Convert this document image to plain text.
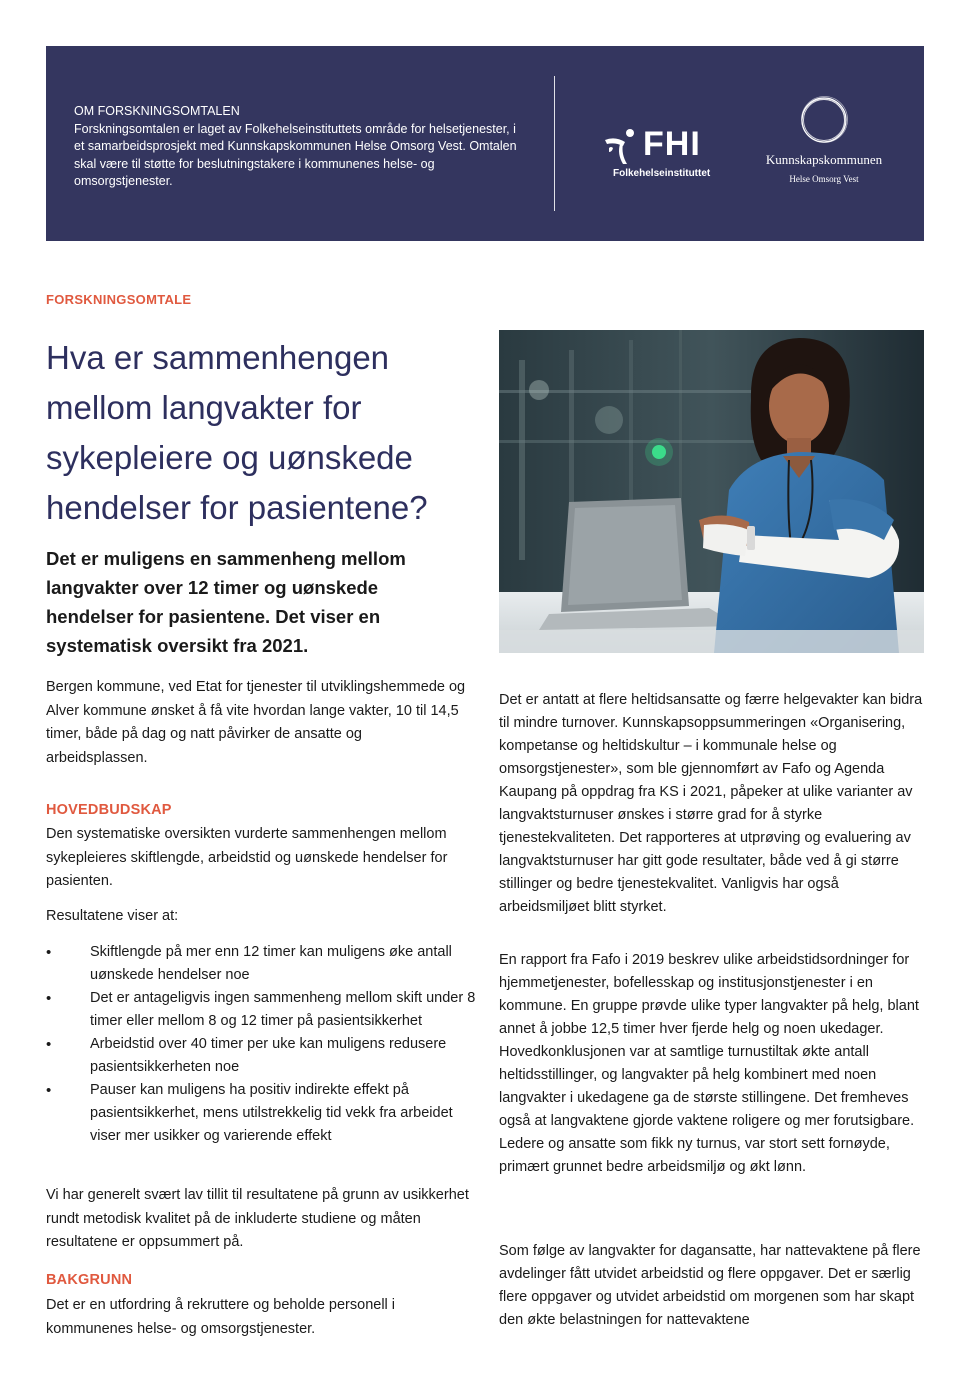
OM FORSKNINGSOMTALEN
Forskningsomtalen er laget av Folkehelseinstituttets område for helsetjenester, i et samarbeidsprosjekt med Kunnskapskommunen Helse Omsorg Vest. Omtalen skal være til støtte for beslutningstakere i kommunenes helse- og omsorgstjenester.
FHI
Folkehelseinstituttet
Kunnskapskommunen
Helse Omsorg Vest
FORSKNINGSOMTALE
Hva er sammenhengen mellom langvakter for sykepleiere og uønskede hendelser for pasientene?

Det er muligens en sammenheng mellom langvakter over 12 timer og uønskede hendelser for pasientene. Det viser en systematisk oversikt fra 2021.

Bergen kommune, ved Etat for tjenester til utviklingshemmede og Alver kommune ønsket å få vite hvordan lange vakter, 10 til 14,5 timer, både på dag og natt påvirker de ansatte og arbeidsplassen.

HOVEDBUDSKAP

Den systematiske oversikten vurderte sammenhengen mellom sykepleieres skiftlengde, arbeidstid og uønskede hendelser for pasienten.

Resultatene viser at:

• Skiftlengde på mer enn 12 timer kan muligens øke antall uønskede hendelser noe
• Det er antageligvis ingen sammenheng mellom skift under 8 timer eller mellom 8 og 12 timer på pasientsikkerhet
• Arbeidstid over 40 timer per uke kan muligens redusere pasientsikkerheten noe
• Pauser kan muligens ha positiv indirekte effekt på pasientsikkerhet, mens utilstrekkelig tid vekk fra arbeidet viser mer usikker og varierende effekt

Vi har generelt svært lav tillit til resultatene på grunn av usikkerhet rundt metodisk kvalitet på de inkluderte studiene og måten resultatene er oppsummert på.

BAKGRUNN

Det er en utfordring å rekruttere og beholde personell i kommunenes helse- og omsorgstjenester.

Det er antatt at flere heltidsansatte og færre helgevakter kan bidra til mindre turnover. Kunnskapsoppsummeringen «Organisering, kompetanse og heltidskultur – i kommunale helse og omsorgstjenester», som ble gjennomført av Fafo og Agenda Kaupang på oppdrag fra KS i 2021, påpeker at ulike varianter av langvaktsturnuser ønskes i større grad for å styrke tjenestekvaliteten. Det rapporteres at utprøving og evaluering av langvaktsturnuser har gitt gode resultater, både ved å gi større stillinger og bedre tjenestekvalitet. Vanligvis har også arbeidsmiljøet blitt styrket.

En rapport fra Fafo i 2019 beskrev ulike arbeidstidsordninger for hjemmetjenester, bofellesskap og institusjonstjenester i en kommune. En gruppe prøvde ulike typer langvakter på helg, blant annet å jobbe 12,5 timer hver fjerde helg og noen ukedager. Hovedkonklusjonen var at samtlige turnustiltak økte antall heltidsstillinger, og langvakter på helg kombinert med noen langvakter i ukedagene ga de største stillingene. Det fremheves også at langvaktene gjorde vaktene roligere og mer forutsigbare. Ledere og ansatte som fikk ny turnus, var stort sett fornøyde, primært grunnet bedre arbeidsmiljø og økt lønn.

Som følge av langvakter for dagansatte, har nattevaktene på flere avdelinger fått utvidet arbeidstid og flere oppgaver. Det er særlig flere oppgaver og utvidet arbeidstid om morgenen som har skapt den økte belastningen for nattevaktene
